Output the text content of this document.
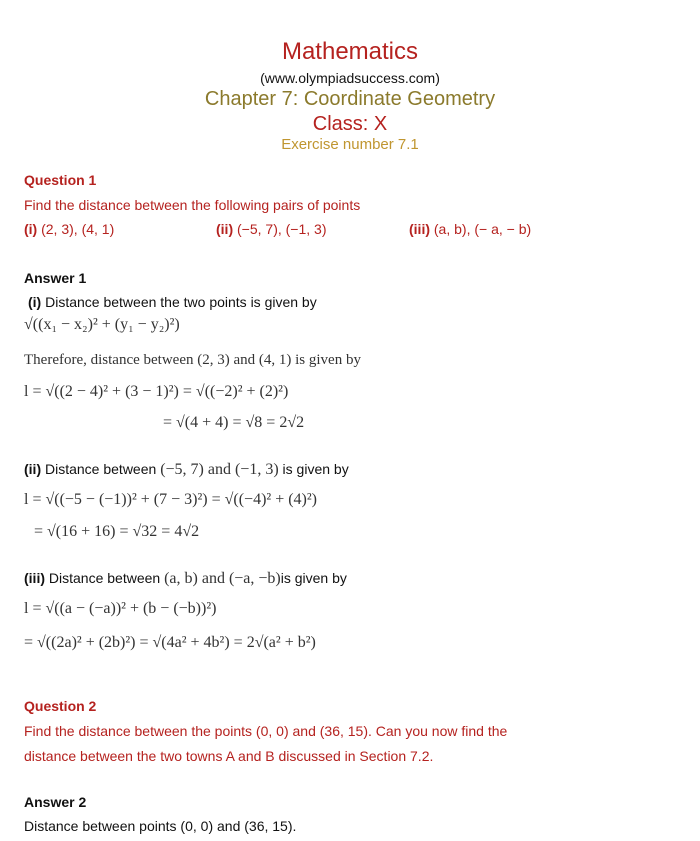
Mathematics
(www.olympiadsuccess.com)
Chapter 7: Coordinate Geometry
Class: X
Exercise number 7.1
Question 1
Find the distance between the following pairs of points
(i) (2, 3), (4, 1)	(ii) (−5, 7), (−1, 3)	(iii) (a, b), (− a, − b)
Answer 1
(i) Distance between the two points is given by
√((x₁ − x₂)² + (y₁ − y₂)²)
Therefore, distance between (2, 3) and (4, 1) is given by
l = √((2 − 4)² + (3 − 1)²) = √((−2)² + (2)²)
= √(4 + 4) = √8 = 2√2
(ii) Distance between (−5, 7) and (−1, 3) is given by
l = √((−5 − (−1))² + (7 − 3)²) = √((−4)² + (4)²)
= √(16 + 16) = √32 = 4√2
(iii) Distance between (a, b) and (−a, −b)is given by
l = √((a − (−a))² + (b − (−b))²)
= √((2a)² + (2b)²) = √(4a² + 4b²) = 2√(a² + b²)
Question 2
Find the distance between the points (0, 0) and (36, 15). Can you now find the
distance between the two towns A and B discussed in Section 7.2.
Answer 2
Distance between points (0, 0) and (36, 15).
